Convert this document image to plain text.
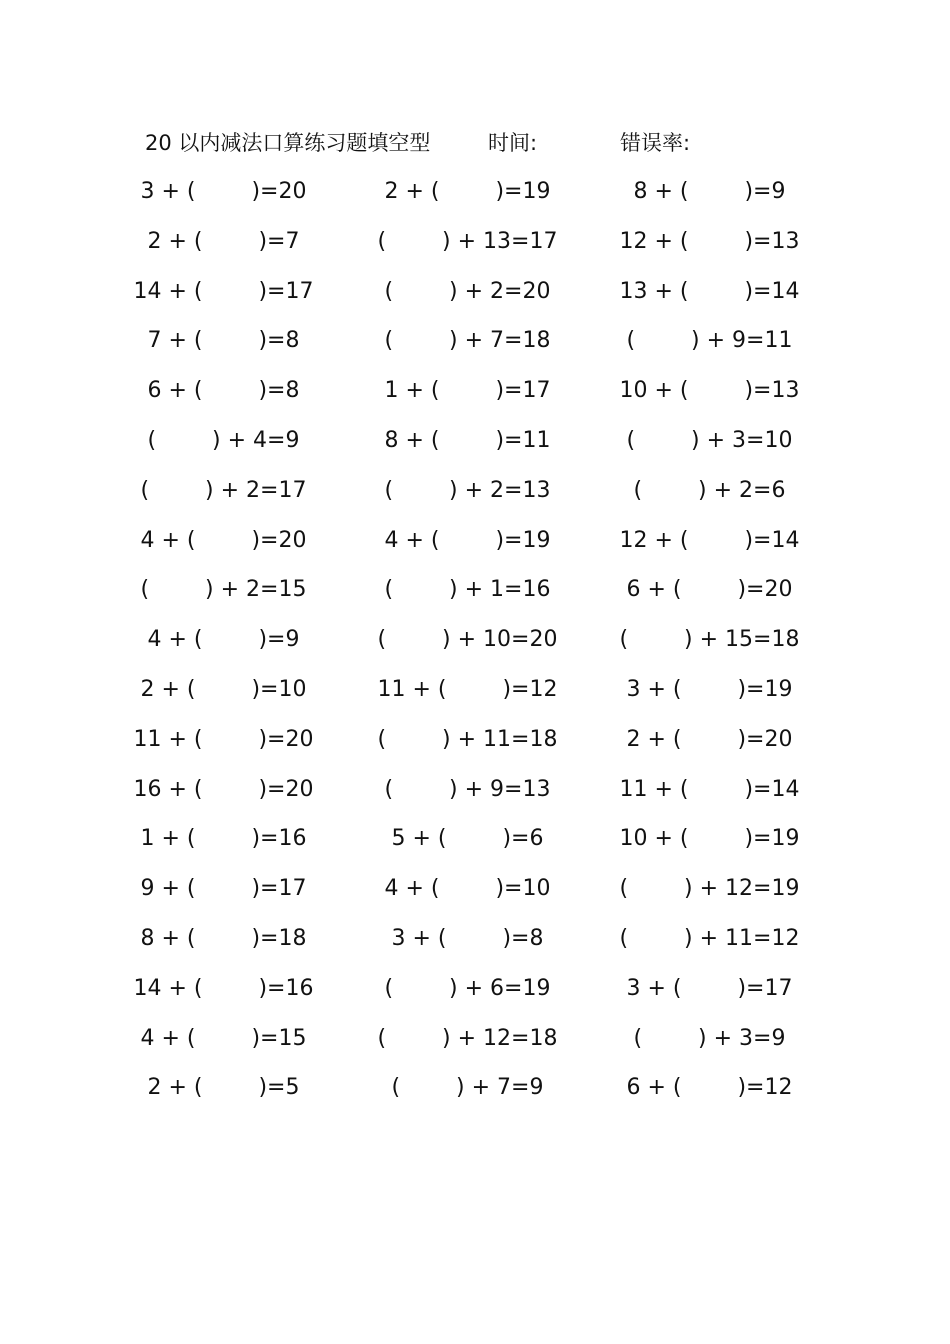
20 以内减法口算练习题填空型	时间:	错误率:
3 + (        )=20	2 + (        )=19	8 + (        )=9
2 + (        )=7	(        ) + 13=17	12 + (        )=13
14 + (        )=17	(        ) + 2=20	13 + (        )=14
7 + (        )=8	(        ) + 7=18	(        ) + 9=11
6 + (        )=8	1 + (        )=17	10 + (        )=13
(        ) + 4=9	8 + (        )=11	(        ) + 3=10
(        ) + 2=17	(        ) + 2=13	(        ) + 2=6
4 + (        )=20	4 + (        )=19	12 + (        )=14
(        ) + 2=15	(        ) + 1=16	6 + (        )=20
4 + (        )=9	(        ) + 10=20	(        ) + 15=18
2 + (        )=10	11 + (        )=12	3 + (        )=19
11 + (        )=20	(        ) + 11=18	2 + (        )=20
16 + (        )=20	(        ) + 9=13	11 + (        )=14
1 + (        )=16	5 + (        )=6	10 + (        )=19
9 + (        )=17	4 + (        )=10	(        ) + 12=19
8 + (        )=18	3 + (        )=8	(        ) + 11=12
14 + (        )=16	(        ) + 6=19	3 + (        )=17
4 + (        )=15	(        ) + 12=18	(        ) + 3=9
2 + (        )=5	(        ) + 7=9	6 + (        )=12
